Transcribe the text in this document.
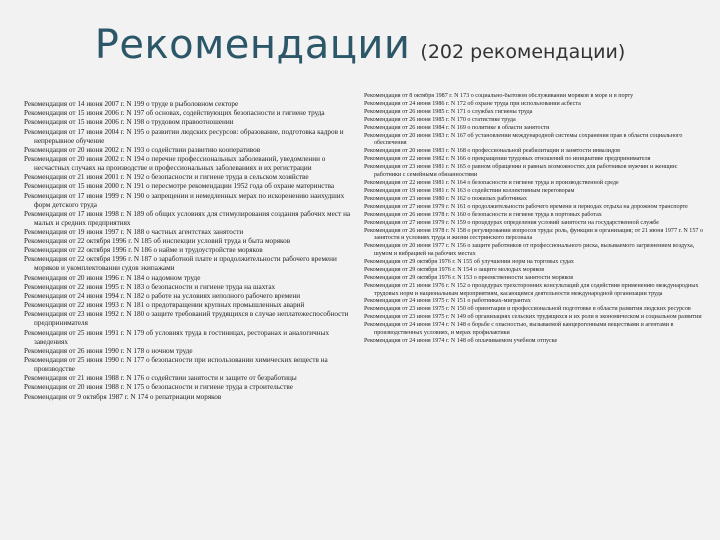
Рекомендации (202 рекомендации)

Рекомендация от 14 июня 2007 г. N 199 о труде в рыболовном секторе

Рекомендация от 15 июня 2006 г. N 197 об основах, содействующих безопасности и гигиене труда

Рекомендация от 15 июня 2006 г. N 198 о трудовом правоотношении

Рекомендация от 17 июня 2004 г. N 195 о развитии людских ресурсов: образование, подготовка кадров и непрерывное обучение

Рекомендация от 20 июня 2002 г. N 193 о содействии развитию кооперативов

Рекомендация от 20 июня 2002 г. N 194 о перечне профессиональных заболеваний, уведомлении о несчастных случаях на производстве и профессиональных заболеваниях и их регистрации

Рекомендация от 21 июня 2001 г. N 192 о безопасности и гигиене труда в сельском хозяйстве

Рекомендация от 15 июня 2000 г. N 191 о пересмотре рекомендации 1952 года об охране материнства

Рекомендация от 17 июня 1999 г. N 190 о запрещении и немедленных мерах по искоренению наихудших форм детского труда

Рекомендация от 17 июня 1998 г. N 189 об общих условиях для стимулирования создания рабочих мест на малых и средних предприятиях

Рекомендация от 19 июня 1997 г. N 188 о частных агентствах занятости

Рекомендация от 22 октября 1996 г. N 185 об инспекции условий труда и быта моряков

Рекомендация от 22 октября 1996 г. N 186 о найме и трудоустройстве моряков

Рекомендация от 22 октября 1996 г. N 187 о заработной плате и продолжительности рабочего времени моряков и укомплектовании судов экипажами

Рекомендация от 20 июня 1996 г. N 184 о надомном труде

Рекомендация от 22 июня 1995 г. N 183 о безопасности и гигиене труда на шахтах

Рекомендация от 24 июня 1994 г. N 182 о работе на условиях неполного рабочего времени

Рекомендация от 22 июня 1993 г. N 181 о предотвращении крупных промышленных аварий

Рекомендация от 23 июня 1992 г. N 180 о защите требований трудящихся в случае неплатежеспособности предпринимателя

Рекомендация от 25 июня 1991 г. N 179 об условиях труда в гостиницах, ресторанах и аналогичных заведениях

Рекомендация от 26 июня 1990 г. N 178 о ночном труде

Рекомендация от 25 июня 1990 г. N 177 о безопасности при использовании химических веществ на производстве

Рекомендация от 21 июня 1988 г. N 176 о содействии занятости и защите от безработицы

Рекомендация от 20 июня 1988 г. N 175 о безопасности и гигиене труда в строительстве

Рекомендация от 9 октября 1987 г. N 174 о репатриации моряков

Рекомендация от 8 октября 1987 г. N 173 о социально-бытовом обслуживании моряков в море и в порту

Рекомендация от 24 июня 1986 г. N 172 об охране труда при использовании асбеста

Рекомендация от 26 июня 1985 г. N 171 о службах гигиены труда

Рекомендация от 26 июня 1985 г. N 170 о статистике труда

Рекомендация от 26 июня 1984 г. N 169 о политике в области занятости

Рекомендация от 20 июня 1983 г. N 167 об установлении международной системы сохранения прав в области социального обеспечения

Рекомендация от 20 июня 1983 г. N 168 о профессиональной реабилитации и занятости инвалидов

Рекомендация от 22 июня 1982 г. N 166 о прекращении трудовых отношений по инициативе предпринимателя

Рекомендация от 23 июня 1981 г. N 165 о равном обращении и равных возможностях для работников мужчин и женщин: работники с семейными обязанностями

Рекомендация от 22 июня 1981 г. N 164 о безопасности и гигиене труда и производственной среде

Рекомендация от 19 июня 1981 г. N 163 о содействии коллективным переговорам

Рекомендация от 23 июня 1980 г. N 162 о пожилых работниках

Рекомендация от 27 июня 1979 г. N 161 о продолжительности рабочего времени и периодах отдыха на дорожном транспорте

Рекомендация от 26 июня 1978 г. N 160 о безопасности и гигиене труда в портовых работах

Рекомендация от 27 июня 1979 г. N 159 о процедурах определения условий занятости на государственной службе

Рекомендация от 26 июня 1978 г. N 158 о регулировании вопросов труда: роль, функции и организация; от 21 июня 1977 г. N 157 о занятости и условиях труда и жизни сестринского персонала

Рекомендация от 20 июня 1977 г. N 156 о защите работников от профессионального риска, вызываемого загрязнением воздуха, шумом и вибрацией на рабочих местах

Рекомендация от 29 октября 1976 г. N 155 об улучшении норм на торговых судах

Рекомендация от 29 октября 1976 г. N 154 о защите молодых моряков

Рекомендация от 29 октября 1976 г. N 153 о преемственности занятости моряков

Рекомендация от 21 июня 1976 г. N 152 о процедурах трехсторонних консультаций для содействия применению международных трудовых норм и национальным мероприятиям, касающимся деятельности международной организации труда

Рекомендация от 24 июня 1975 г. N 151 о работниках-мигрантах

Рекомендация от 23 июня 1975 г. N 150 об ориентации и профессиональной подготовке в области развития людских ресурсов

Рекомендация от 23 июня 1975 г. N 149 об организациях сельских трудящихся и их роли в экономическом и социальном развитии

Рекомендация от 24 июня 1974 г. N 148 о борьбе с опасностью, вызываемой канцерогенными веществами и агентами в производственных условиях, и мерах профилактики

Рекомендация от 24 июня 1974 г. N 148 об оплачиваемом учебном отпуске
